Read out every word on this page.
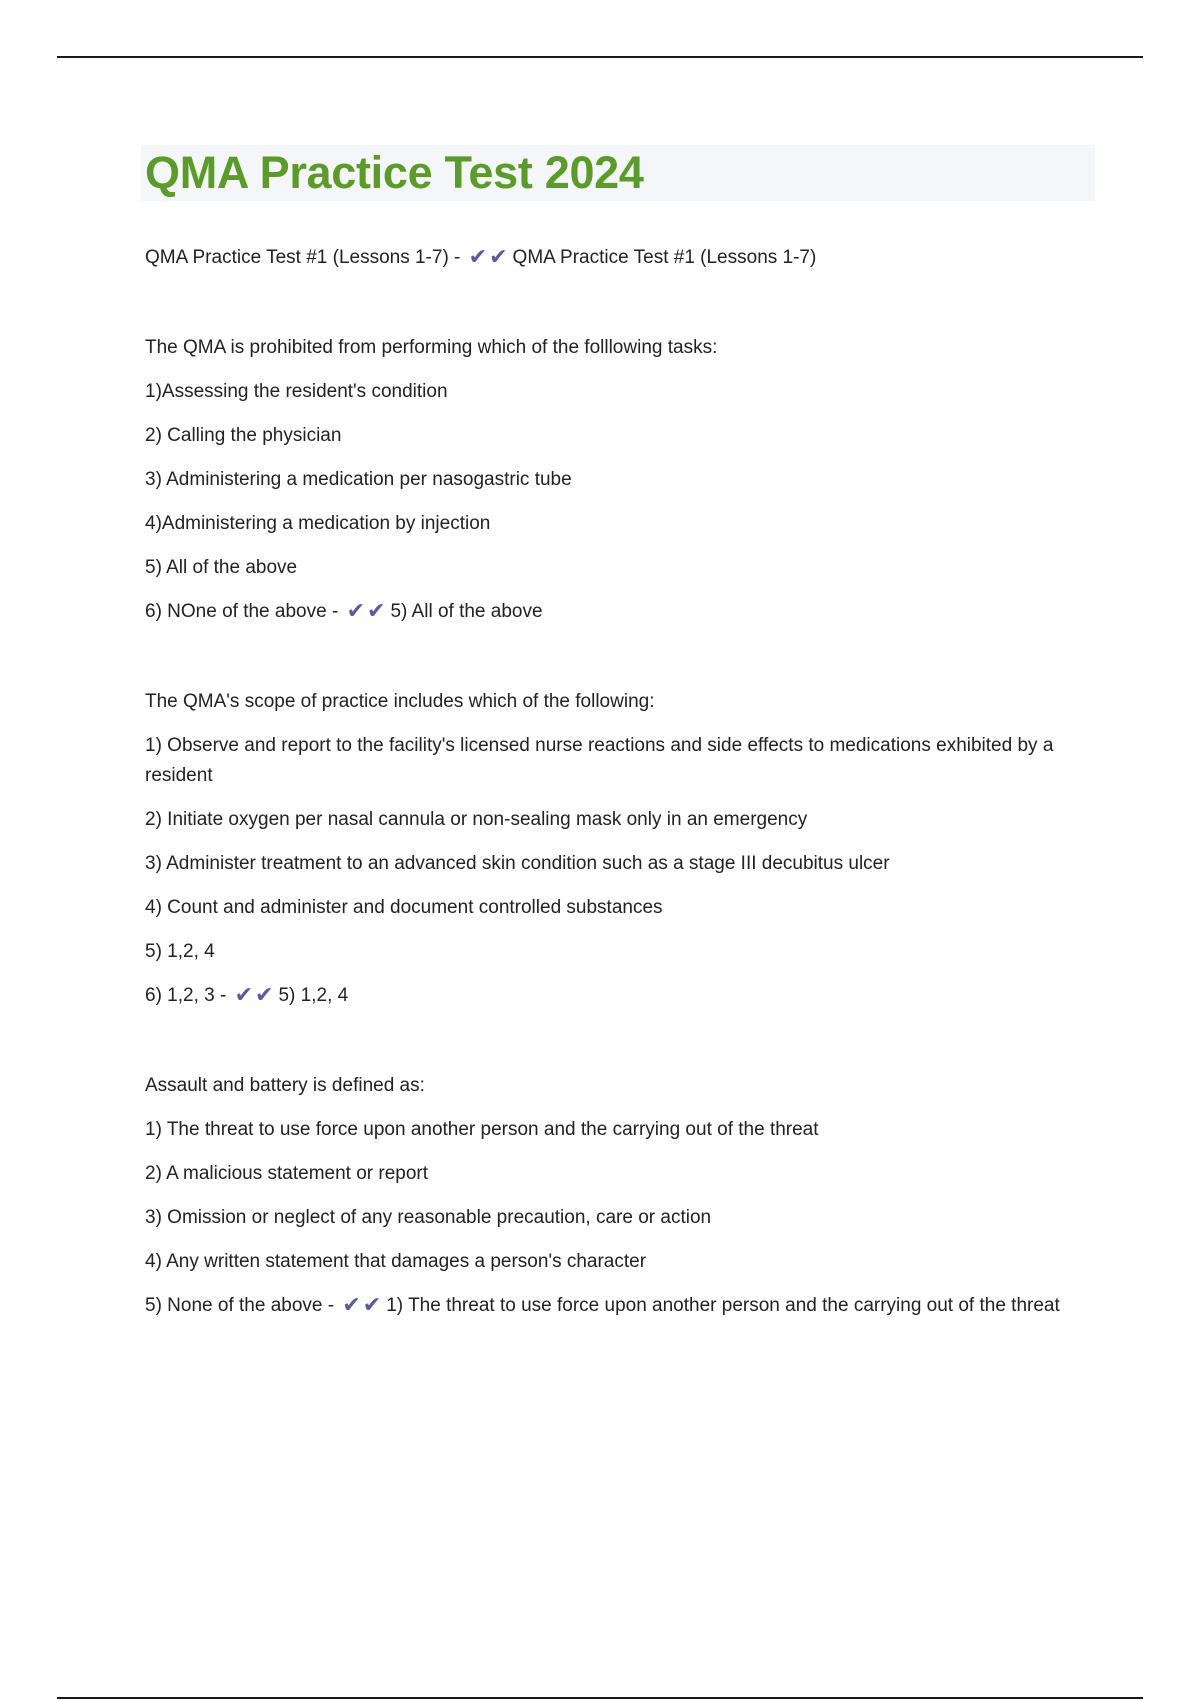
QMA Practice Test 2024

QMA Practice Test #1 (Lessons 1-7) - ✔✔ QMA Practice Test #1 (Lessons 1-7)

The QMA is prohibited from performing which of the folllowing tasks:

1)Assessing the resident's condition

2) Calling the physician

3) Administering a medication per nasogastric tube

4)Administering a medication by injection

5) All of the above

6) NOne of the above - ✔✔ 5) All of the above

The QMA's scope of practice includes which of the following:

1) Observe and report to the facility's licensed nurse reactions and side effects to medications exhibited by a resident

2) Initiate oxygen per nasal cannula or non-sealing mask only in an emergency

3) Administer treatment to an advanced skin condition such as a stage III decubitus ulcer

4) Count and administer and document controlled substances

5) 1,2, 4

6) 1,2, 3 - ✔✔ 5) 1,2, 4

Assault and battery is defined as:

1) The threat to use force upon another person and the carrying out of the threat

2) A malicious statement or report

3) Omission or neglect of any reasonable precaution, care or action

4) Any written statement that damages a person's character

5) None of the above - ✔✔ 1) The threat to use force upon another person and the carrying out of the threat
